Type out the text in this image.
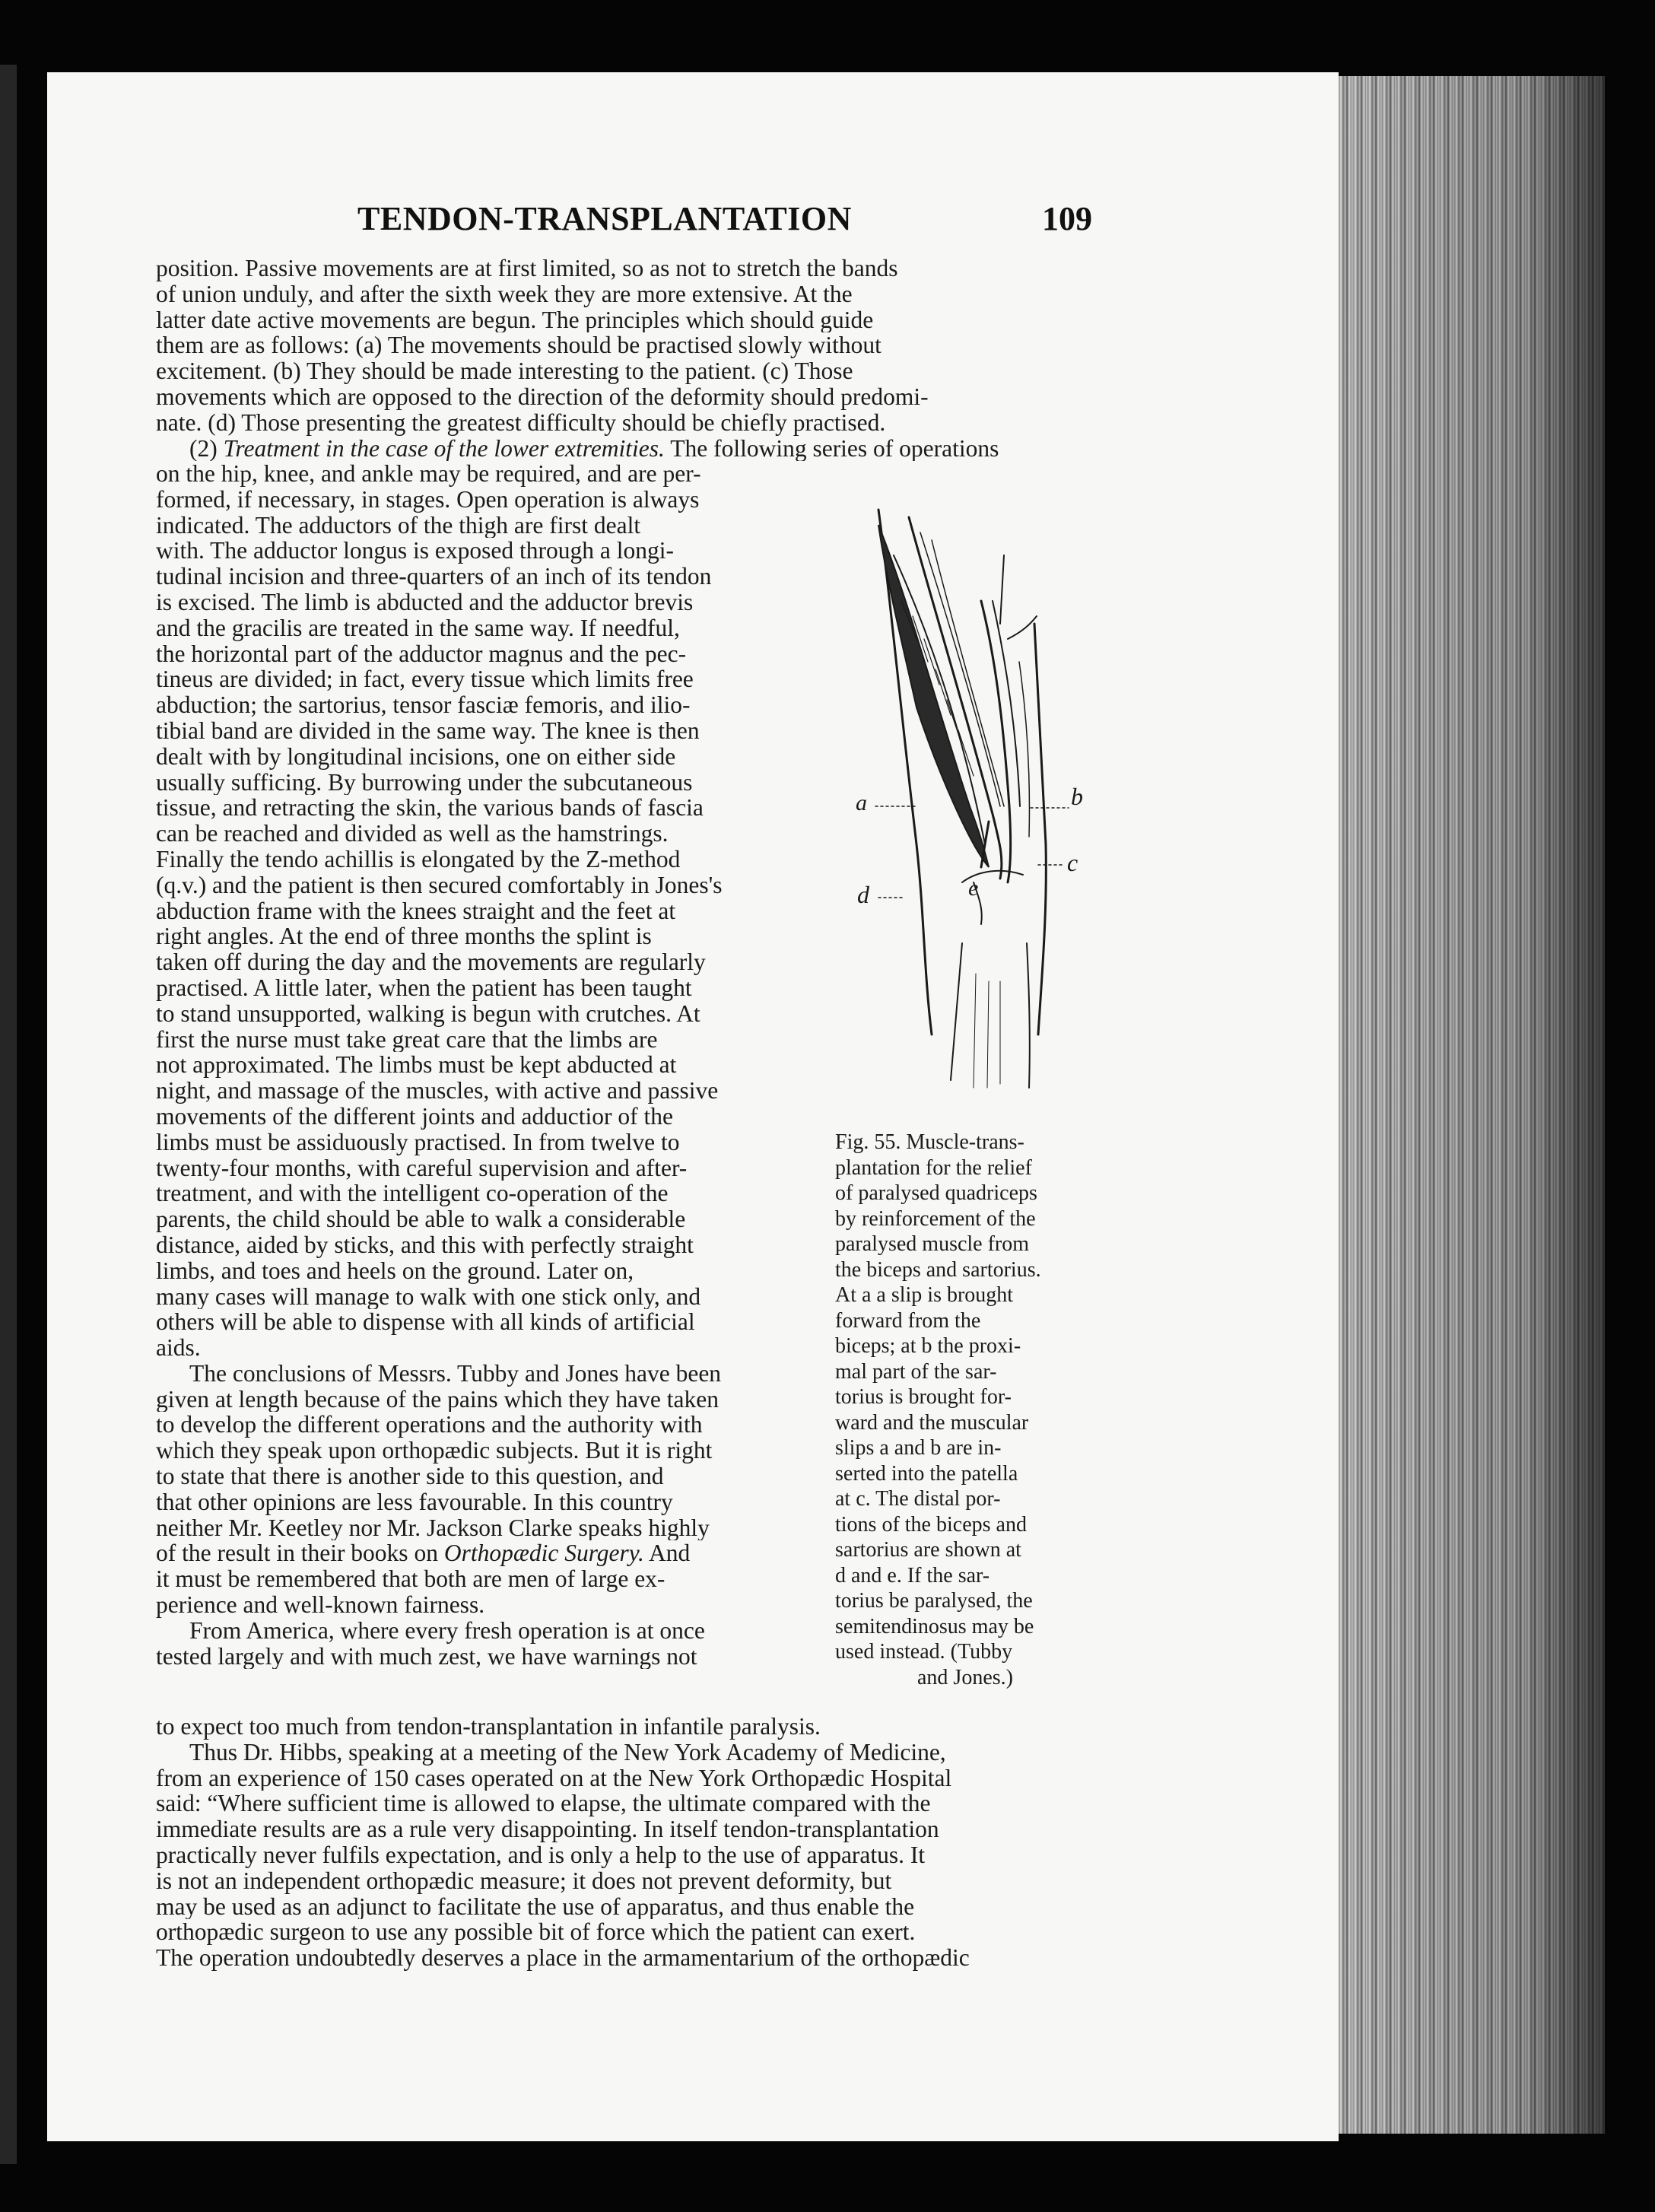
TENDON-TRANSPLANTATION	109
position. Passive movements are at first limited, so as not to stretch the bands
of union unduly, and after the sixth week they are more extensive. At the
latter date active movements are begun. The principles which should guide
them are as follows: (a) The movements should be practised slowly without
excitement. (b) They should be made interesting to the patient. (c) Those
movements which are opposed to the direction of the deformity should predomi-
nate. (d) Those presenting the greatest difficulty should be chiefly practised.
(2) Treatment in the case of the lower extremities. The following series of operations
on the hip, knee, and ankle may be required, and are per-
formed, if necessary, in stages. Open operation is always
indicated. The adductors of the thigh are first dealt
with. The adductor longus is exposed through a longi-
tudinal incision and three-quarters of an inch of its tendon
is excised. The limb is abducted and the adductor brevis
and the gracilis are treated in the same way. If needful,
the horizontal part of the adductor magnus and the pec-
tineus are divided; in fact, every tissue which limits free
abduction; the sartorius, tensor fasciæ femoris, and ilio-
tibial band are divided in the same way. The knee is then
dealt with by longitudinal incisions, one on either side
usually sufficing. By burrowing under the subcutaneous
tissue, and retracting the skin, the various bands of fascia
can be reached and divided as well as the hamstrings.
Finally the tendo achillis is elongated by the Z-method
(q.v.) and the patient is then secured comfortably in Jones's
abduction frame with the knees straight and the feet at
right angles. At the end of three months the splint is
taken off during the day and the movements are regularly
practised. A little later, when the patient has been taught
to stand unsupported, walking is begun with crutches. At
first the nurse must take great care that the limbs are
not approximated. The limbs must be kept abducted at
night, and massage of the muscles, with active and passive
movements of the different joints and adductior of the
limbs must be assiduously practised. In from twelve to
twenty-four months, with careful supervision and after-
treatment, and with the intelligent co-operation of the
parents, the child should be able to walk a considerable
distance, aided by sticks, and this with perfectly straight
limbs, and toes and heels on the ground. Later on,
many cases will manage to walk with one stick only, and
others will be able to dispense with all kinds of artificial
aids.
The conclusions of Messrs. Tubby and Jones have been
given at length because of the pains which they have taken
to develop the different operations and the authority with
which they speak upon orthopædic subjects. But it is right
to state that there is another side to this question, and
that other opinions are less favourable. In this country
neither Mr. Keetley nor Mr. Jackson Clarke speaks highly
of the result in their books on Orthopædic Surgery. And
it must be remembered that both are men of large ex-
perience and well-known fairness.
From America, where every fresh operation is at once
tested largely and with much zest, we have warnings not
to expect too much from tendon-transplantation in infantile paralysis.
Thus Dr. Hibbs, speaking at a meeting of the New York Academy of Medicine,
from an experience of 150 cases operated on at the New York Orthopædic Hospital
said: “Where sufficient time is allowed to elapse, the ultimate compared with the
immediate results are as a rule very disappointing. In itself tendon-transplantation
practically never fulfils expectation, and is only a help to the use of apparatus. It
is not an independent orthopædic measure; it does not prevent deformity, but
may be used as an adjunct to facilitate the use of apparatus, and thus enable the
orthopædic surgeon to use any possible bit of force which the patient can exert.
The operation undoubtedly deserves a place in the armamentarium of the orthopædic
a	b
c
d	e
Fig. 55. Muscle-trans-
plantation for the relief
of paralysed quadriceps
by reinforcement of the
paralysed muscle from
the biceps and sartorius.
At a a slip is brought
forward from the
biceps; at b the proxi-
mal part of the sar-
torius is brought for-
ward and the muscular
slips a and b are in-
serted into the patella
at c. The distal por-
tions of the biceps and
sartorius are shown at
d and e. If the sar-
torius be paralysed, the
semitendinosus may be
used instead. (Tubby
and Jones.)
